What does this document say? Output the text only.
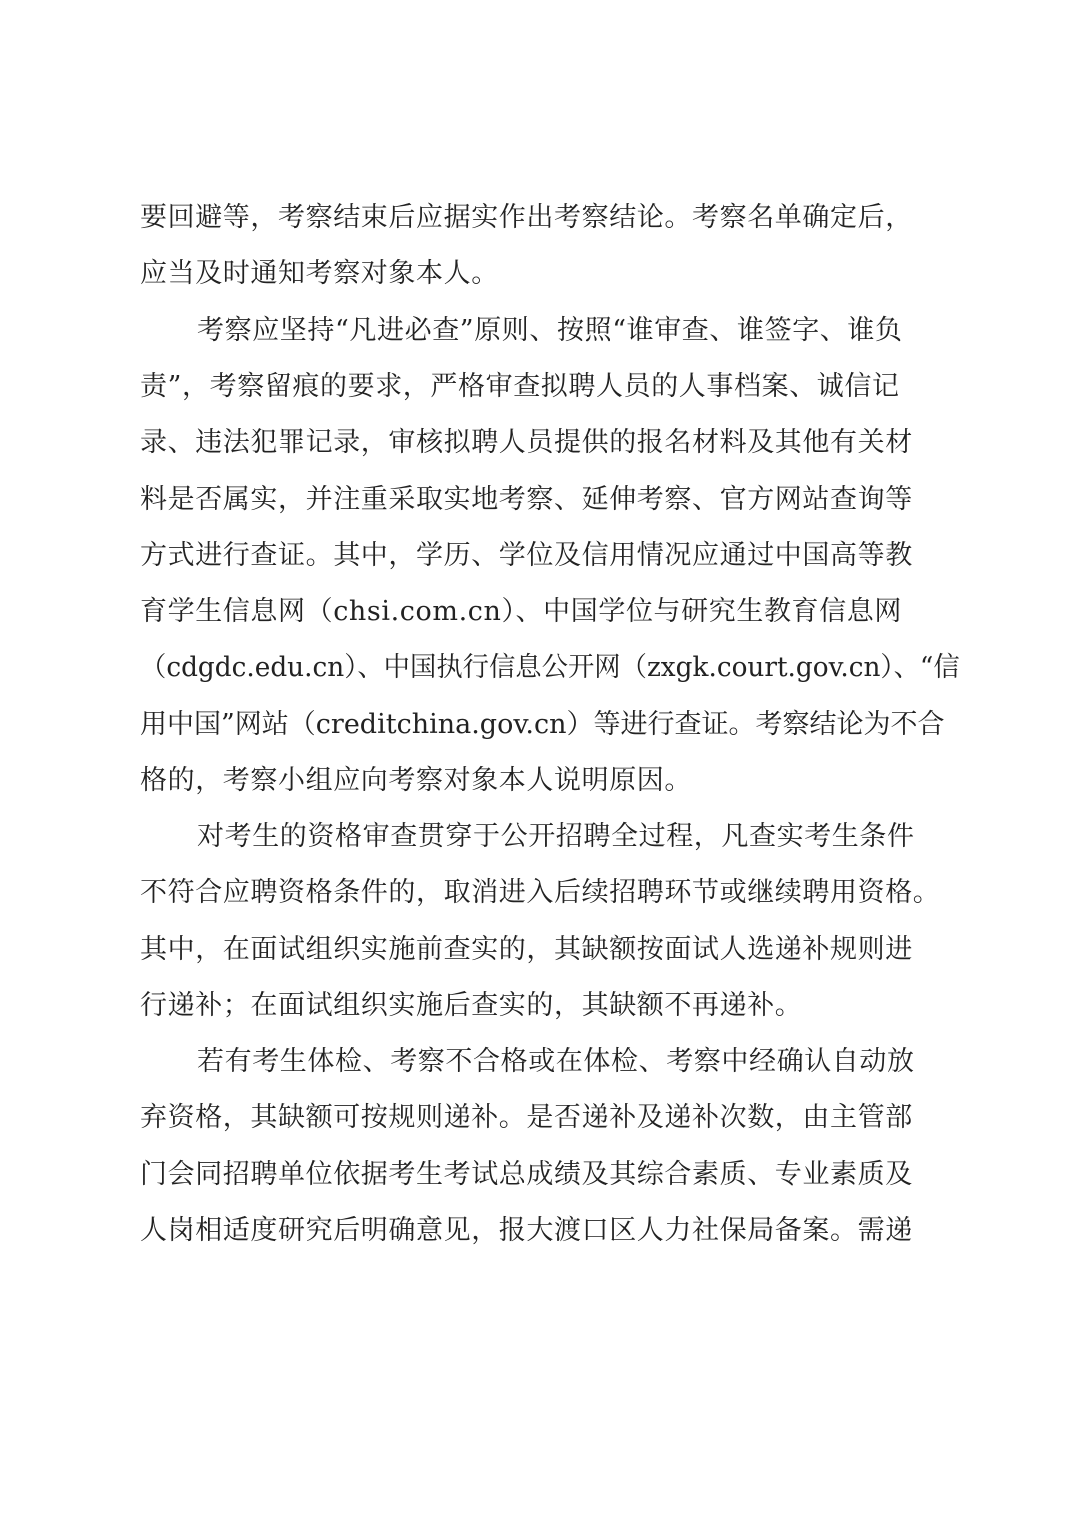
要回避等，考察结束后应据实作出考察结论。考察名单确定后，
应当及时通知考察对象本人。
考察应坚持“凡进必查”原则、按照“谁审查、谁签字、谁负
责”，考察留痕的要求，严格审查拟聘人员的人事档案、诚信记
录、违法犯罪记录，审核拟聘人员提供的报名材料及其他有关材
料是否属实，并注重采取实地考察、延伸考察、官方网站查询等
方式进行查证。其中，学历、学位及信用情况应通过中国高等教
育学生信息网（chsi.com.cn）、中国学位与研究生教育信息网
（cdgdc.edu.cn）、中国执行信息公开网（zxgk.court.gov.cn）、“信
用中国”网站（creditchina.gov.cn）等进行查证。考察结论为不合
格的，考察小组应向考察对象本人说明原因。
对考生的资格审查贯穿于公开招聘全过程，凡查实考生条件
不符合应聘资格条件的，取消进入后续招聘环节或继续聘用资格。
其中，在面试组织实施前查实的，其缺额按面试人选递补规则进
行递补；在面试组织实施后查实的，其缺额不再递补。
若有考生体检、考察不合格或在体检、考察中经确认自动放
弃资格，其缺额可按规则递补。是否递补及递补次数，由主管部
门会同招聘单位依据考生考试总成绩及其综合素质、专业素质及
人岗相适度研究后明确意见，报大渡口区人力社保局备案。需递
